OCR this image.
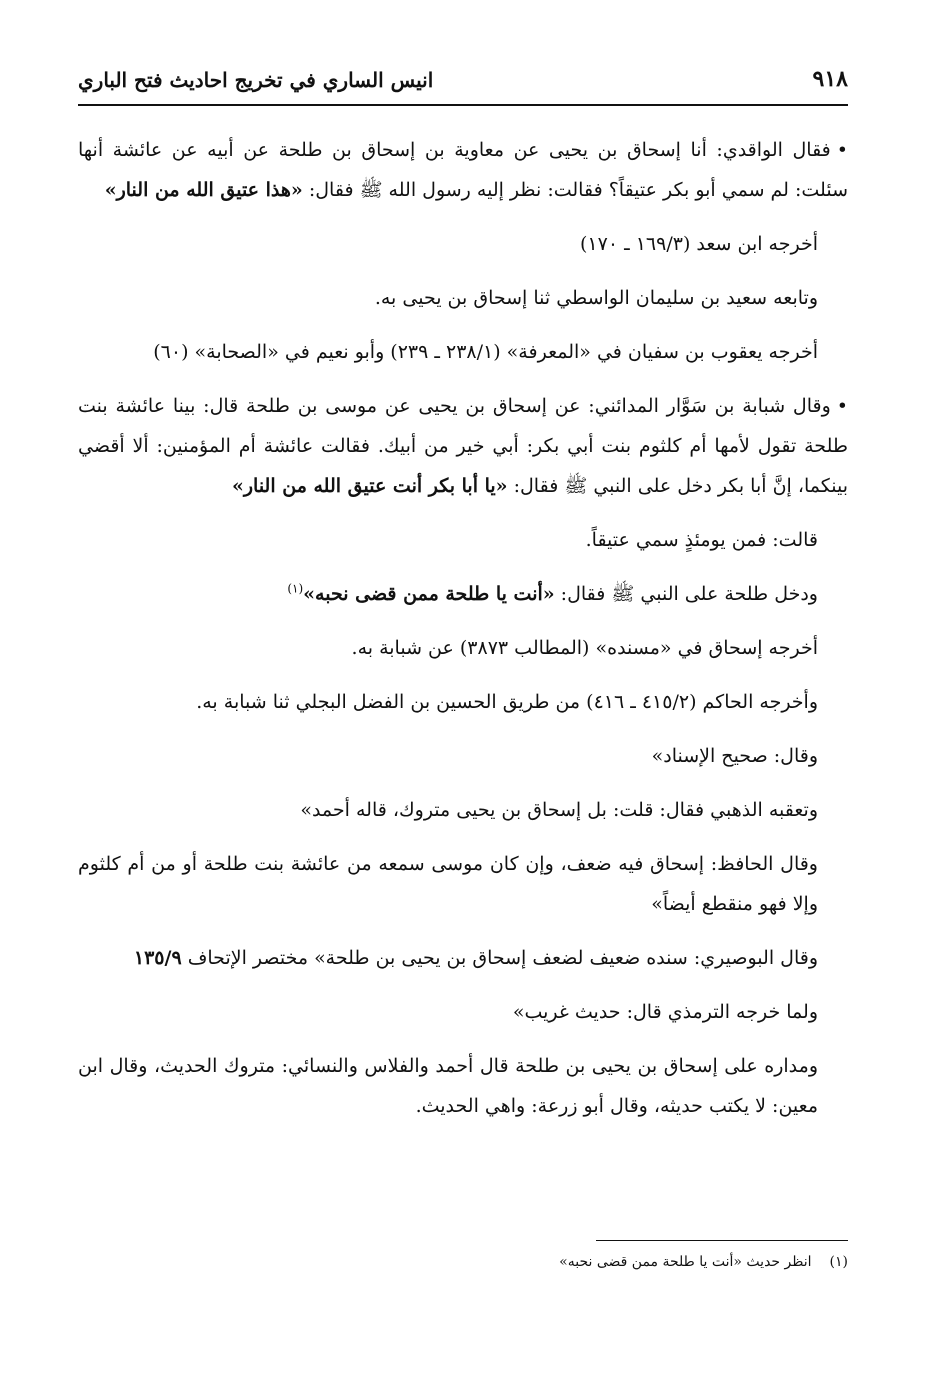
٩١٨
انيس الساري في تخريج احاديث فتح الباري

•فقال الواقدي: أنا إسحاق بن يحيى عن معاوية بن إسحاق بن طلحة عن أبيه عن عائشة أنها سئلت: لم سمي أبو بكر عتيقاً؟ فقالت: نظر إليه رسول الله ﷺ فقال: «هذا عتيق الله من النار»

أخرجه ابن سعد (١٦٩/٣ ـ ١٧٠)

وتابعه سعيد بن سليمان الواسطي ثنا إسحاق بن يحيى به.

أخرجه يعقوب بن سفيان في «المعرفة» (٢٣٨/١ ـ ٢٣٩) وأبو نعيم في «الصحابة» (٦٠)

•وقال شبابة بن سَوَّار المدائني: عن إسحاق بن يحيى عن موسى بن طلحة قال: بينا عائشة بنت طلحة تقول لأمها أم كلثوم بنت أبي بكر: أبي خير من أبيك. فقالت عائشة أم المؤمنين: ألا أقضي بينكما، إنَّ أبا بكر دخل على النبي ﷺ فقال: «يا أبا بكر أنت عتيق الله من النار»

قالت: فمن يومئذٍ سمي عتيقاً.

ودخل طلحة على النبي ﷺ فقال: «أنت يا طلحة ممن قضى نحبه»$^{(١)}$

أخرجه إسحاق في «مسنده» (المطالب ٣٨٧٣) عن شبابة به.

وأخرجه الحاكم (٤١٥/٢ ـ ٤١٦) من طريق الحسين بن الفضل البجلي ثنا شبابة به.

وقال: صحيح الإسناد»

وتعقبه الذهبي فقال: قلت: بل إسحاق بن يحيى متروك، قاله أحمد»

وقال الحافظ: إسحاق فيه ضعف، وإن كان موسى سمعه من عائشة بنت طلحة أو من أم كلثوم وإلا فهو منقطع أيضاً»

وقال البوصيري: سنده ضعيف لضعف إسحاق بن يحيى بن طلحة» مختصر الإتحاف ١٣٥/٩

ولما خرجه الترمذي قال: حديث غريب»

ومداره على إسحاق بن يحيى بن طلحة قال أحمد والفلاس والنسائي: متروك الحديث، وقال ابن معين: لا يكتب حديثه، وقال أبو زرعة: واهي الحديث.

(١)انظر حديث «أنت يا طلحة ممن قضى نحبه»
